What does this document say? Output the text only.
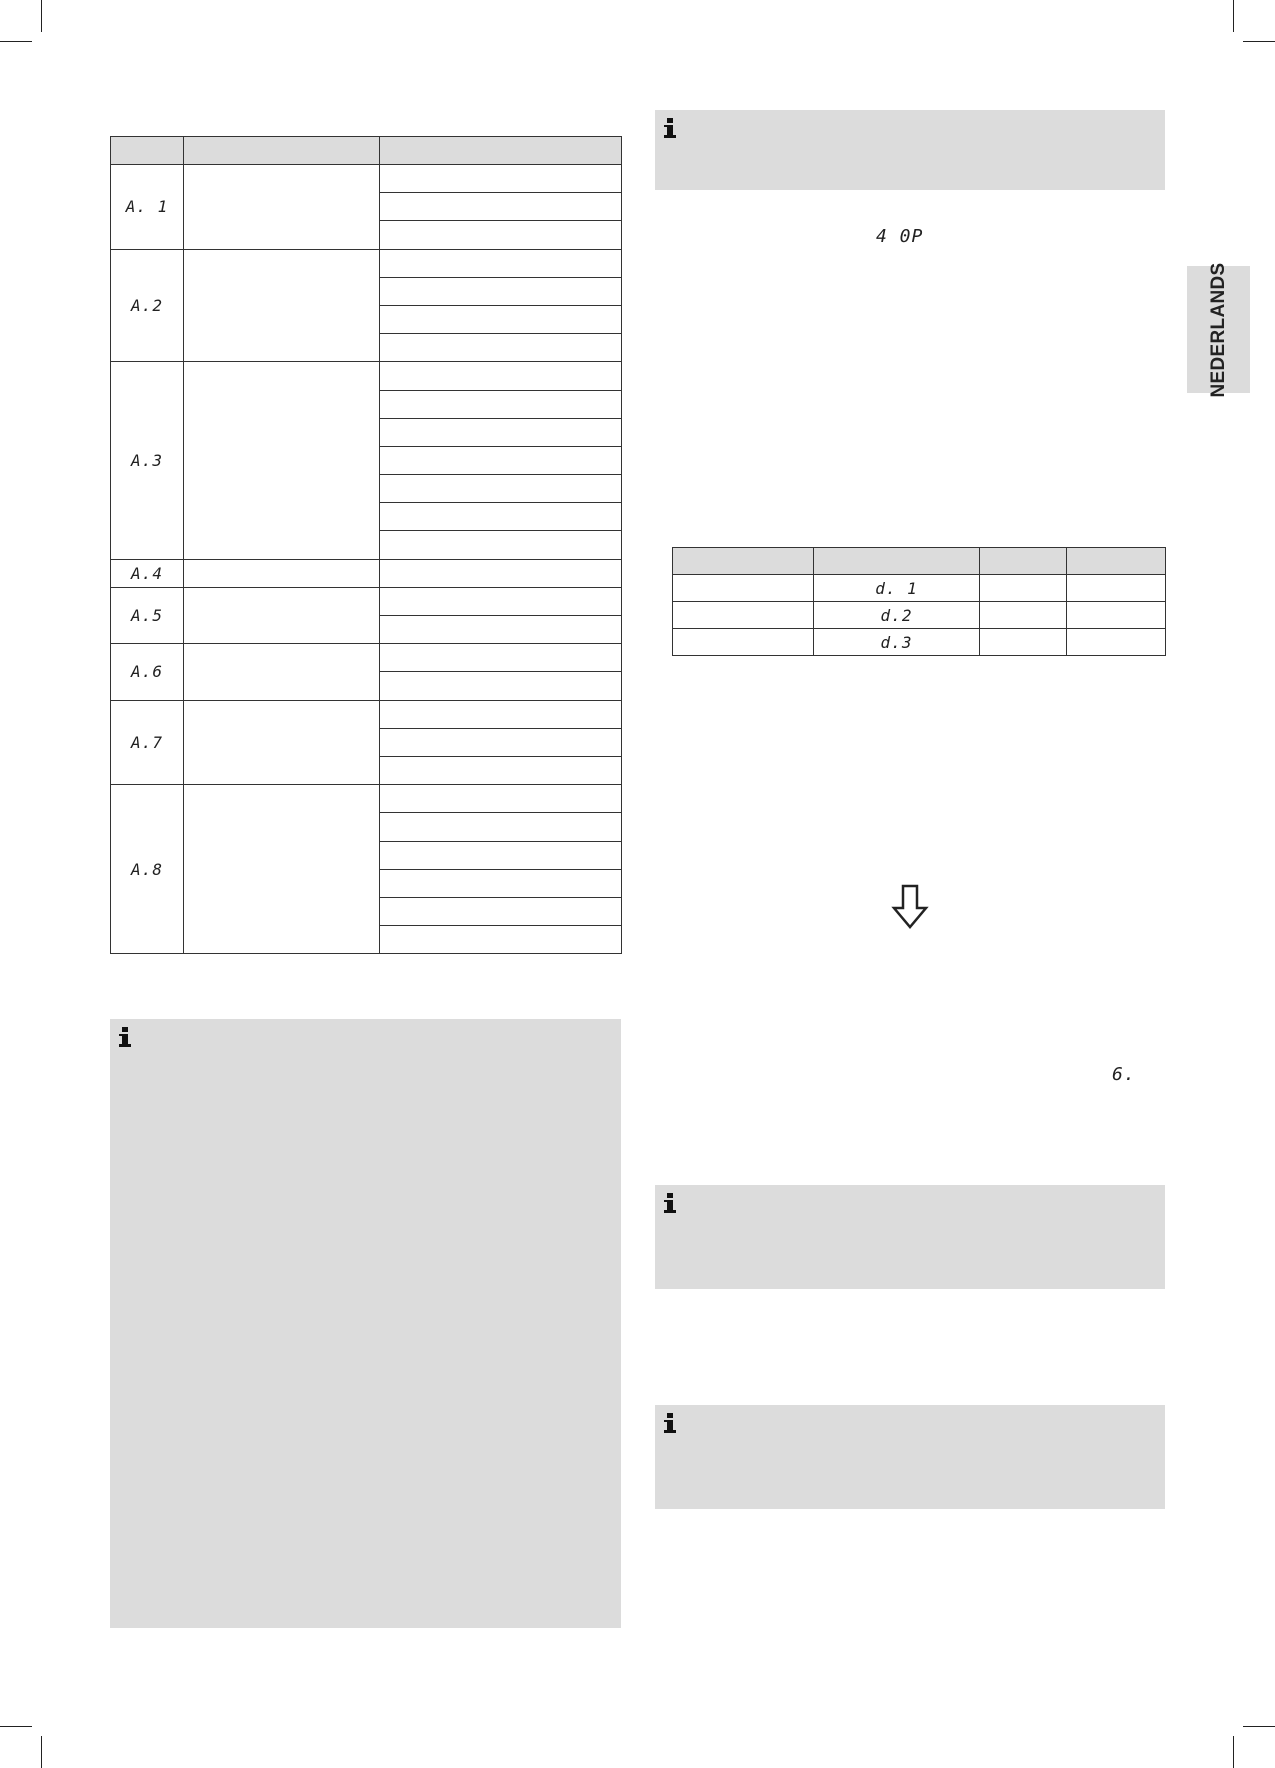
A. 1		

A.2		

A.3		

A.4		
A.5		

A.6		

A.7		

A.8		

4 0P
NEDERLANDS

	d. 1		
	d.2		
	d.3		
6.
